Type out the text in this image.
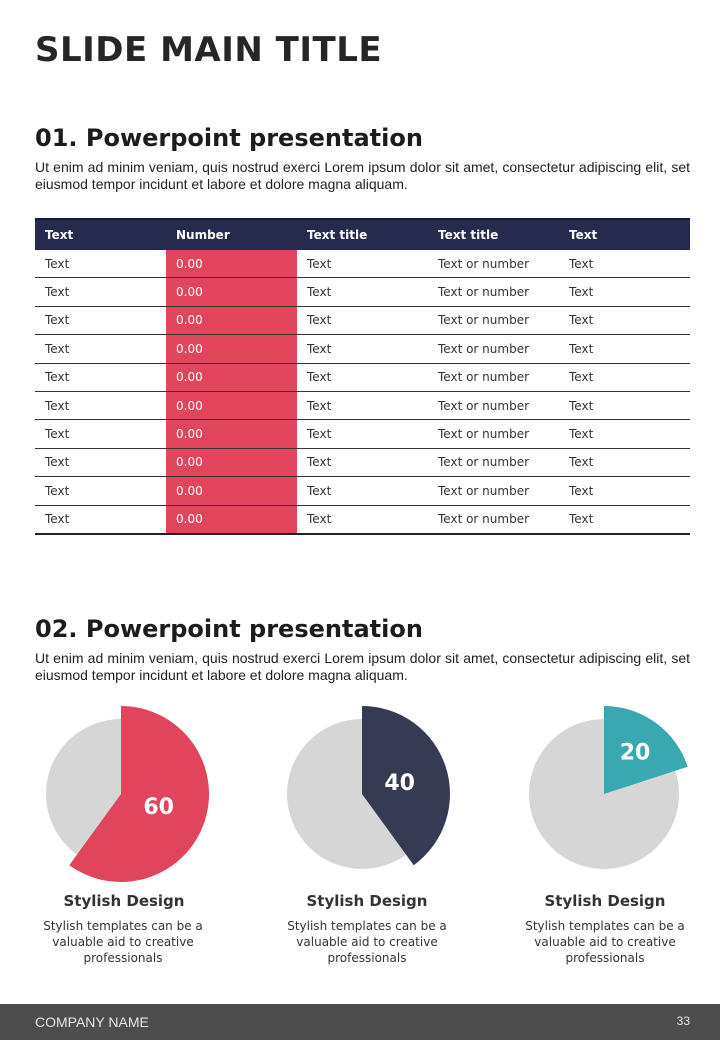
SLIDE MAIN TITLE
01. Powerpoint presentation

Ut enim ad minim veniam, quis nostrud exerci Lorem ipsum dolor sit amet, consectetur adipiscing elit, set eiusmod tempor incidunt et labore et dolore magna aliquam.

Text	Number	Text title	Text title	Text
Text	0.00	Text	Text or number	Text
Text	0.00	Text	Text or number	Text
Text	0.00	Text	Text or number	Text
Text	0.00	Text	Text or number	Text
Text	0.00	Text	Text or number	Text
Text	0.00	Text	Text or number	Text
Text	0.00	Text	Text or number	Text
Text	0.00	Text	Text or number	Text
Text	0.00	Text	Text or number	Text
Text	0.00	Text	Text or number	Text
02. Powerpoint presentation

Ut enim ad minim veniam, quis nostrud exerci Lorem ipsum dolor sit amet, consectetur adipiscing elit, set eiusmod tempor incidunt et labore et dolore magna aliquam.

60
40
20

Stylish Design

Stylish templates can be a valuable aid to creative professionals

Stylish Design

Stylish templates can be a valuable aid to creative professionals

Stylish Design

Stylish templates can be a valuable aid to creative professionals

COMPANY NAME	33
